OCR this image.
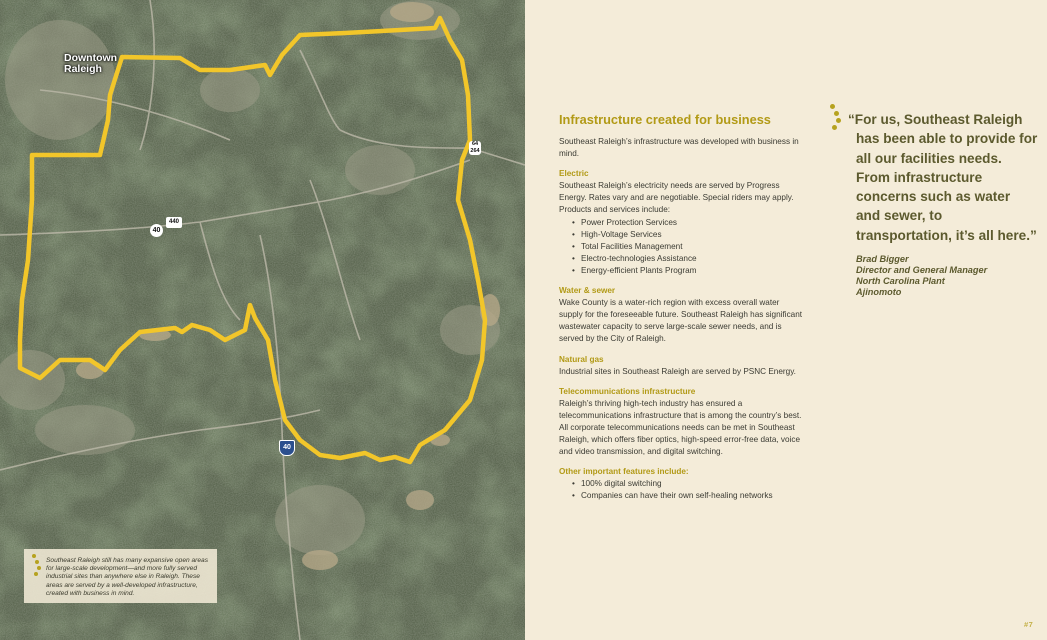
Downtown
Raleigh
40
440
40
64
264
Southeast Raleigh still has many expansive open areas for large-scale development—and more fully served industrial sites than anywhere else in Raleigh. These areas are served by a well-developed infrastructure, created with business in mind.
Infrastructure created for business

Southeast Raleigh’s infrastructure was developed with business in mind.

Electric
Southeast Raleigh’s electricity needs are served by Progress Energy. Rates vary and are negotiable. Special riders may apply. Products and services include:
• Power Protection Services
• High-Voltage Services
• Total Facilities Management
• Electro-technologies Assistance
• Energy-efficient Plants Program
Water & sewer

Wake County is a water-rich region with excess overall water supply for the foreseeable future. Southeast Raleigh has significant wastewater capacity to serve large-scale sewer needs, and is served by the City of Raleigh.

Natural gas

Industrial sites in Southeast Raleigh are served by PSNC Energy.

Telecommunications infrastructure

Raleigh’s thriving high-tech industry has ensured a telecommunications infrastructure that is among the country’s best. All corporate telecommunications needs can be met in Southeast Raleigh, which offers fiber optics, high-speed error-free data, voice and video transmission, and digital switching.

Other important features include:
• 100% digital switching
• Companies can have their own self-healing networks

“For us, Southeast Raleigh has been able to provide for all our facilities needs. From infrastructure concerns such as water and sewer, to transportation, it’s all here.”

Brad Bigger
Director and General Manager
North Carolina Plant
Ajinomoto
#7
